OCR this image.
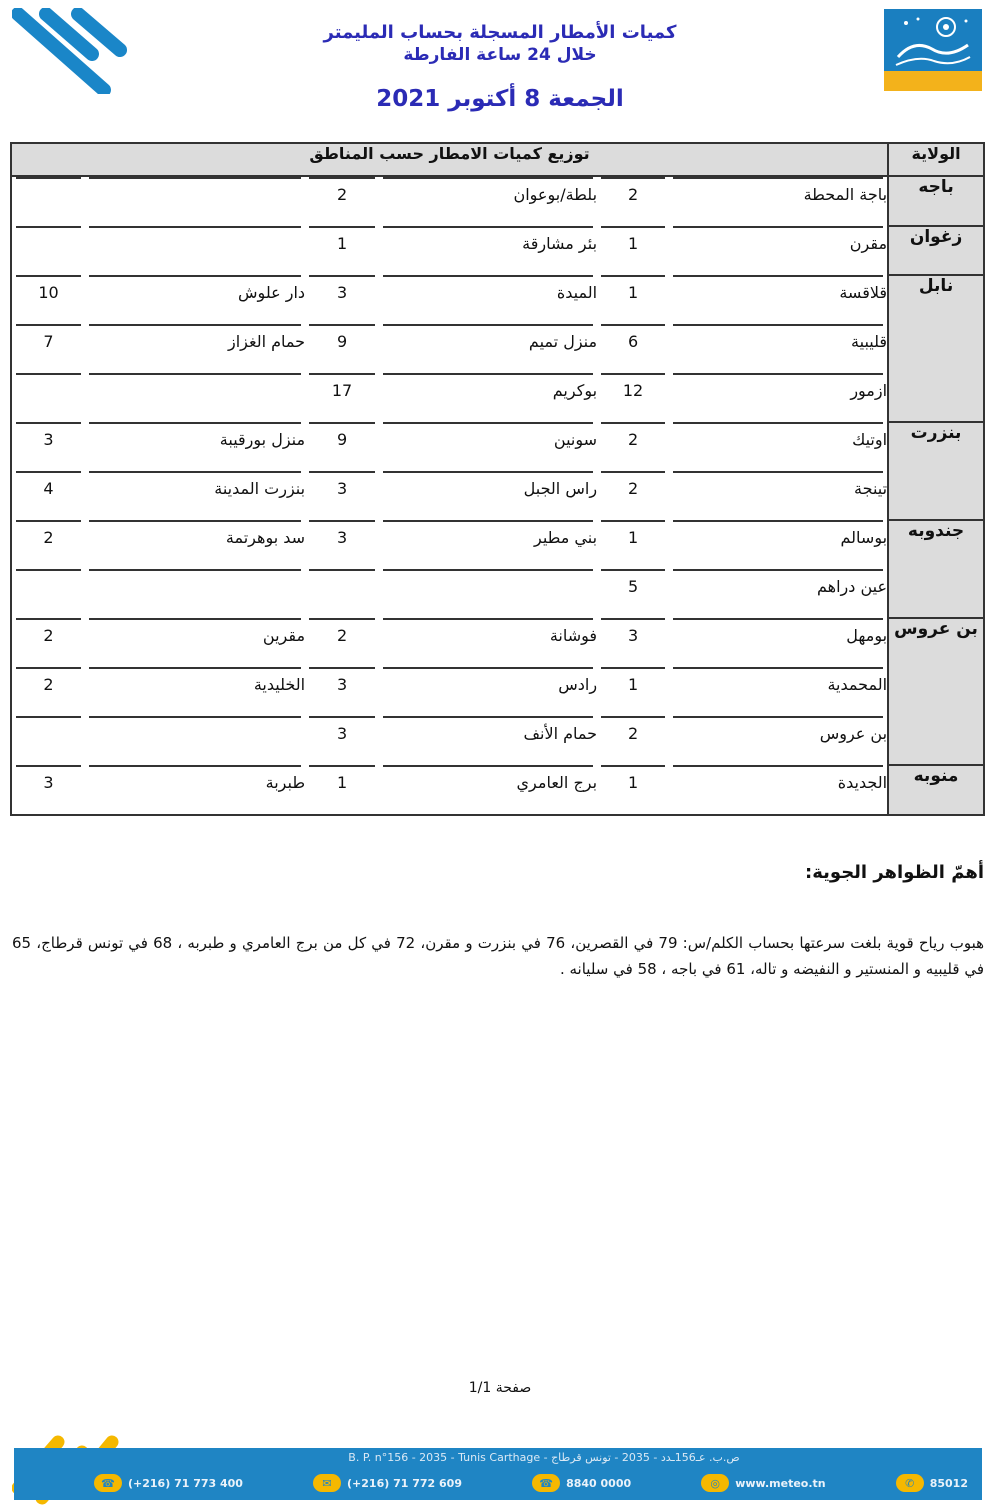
كميات الأمطار المسجلة بحساب المليمتر
خلال 24 ساعة الفارطة
الجمعة 8 أكتوبر 2021
الولاية	توزيع كميات الامطار حسب المناطق					
باجه	باجة المحطة	2	بلطة/بوعوان	2	

زغوان	مقرن	1	بئر مشارقة	1	

نابل	قلاقسة	1	الميدة	3	دار علوش	10

قليبية	6	منزل تميم	9	حمام الغزاز	7

ازمور	12	بوكريم	17	

بنزرت	اوتيك	2	سونين	9	منزل بورقيبة	3

تينجة	2	راس الجبل	3	بنزرت المدينة	4
جندوبه	بوسالم	1	بني مطير	3	سد بوهرتمة	2

عين دراهم	5	

بن عروس	بومهل	3	فوشانة	2	مقرين	2

المحمدية	1	رادس	3	الخليدية	2

بن عروس	2	حمام الأنف	3	

منوبه	الجديدة	1	برج العامري	1	طبربة	3
أهمّ الظواهر الجوية:
هبوب رياح قوية بلغت سرعتها بحساب الكلم/س: 79 في القصرين، 76 في بنزرت و مقرن، 72 في كل من برج العامري و طبربه ، 68 في تونس قرطاج، 65 في قليبيه و المنستير و النفيضه و تاله، 61 في باجه ، 58 في سليانه .
صفحة 1/1
B. P. n°156 - 2035 - Tunis Carthage - ص.ب. عـ156ـدد - 2035 - تونس قرطاج
☎	(+216) 71 773 400	✉	(+216) 71 772 609	☎	8840 0000	◎	www.meteo.tn	✆	85012
